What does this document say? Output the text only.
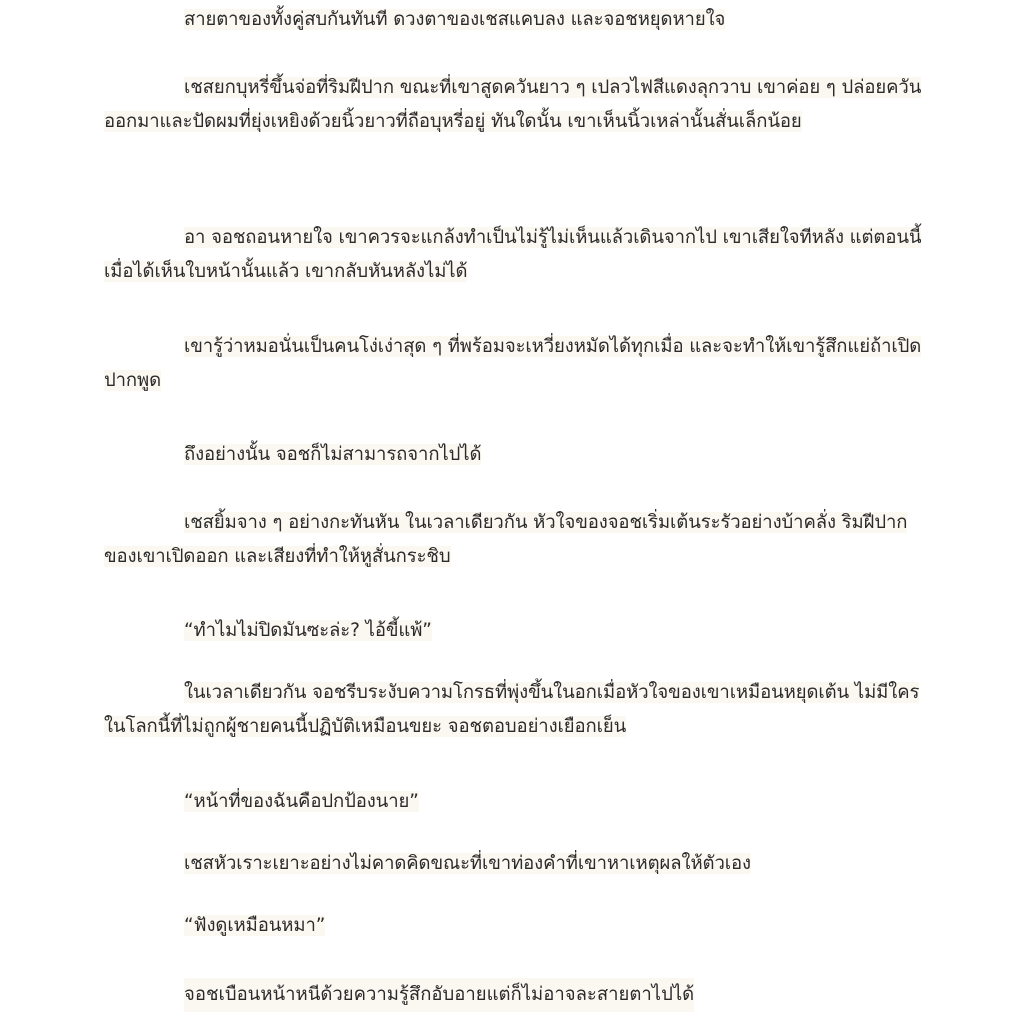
สายตาของทั้งคู่สบกันทันที ดวงตาของเชสแคบลง และจอชหยุดหายใจ

เชสยกบุหรี่ขึ้นจ่อที่ริมฝีปาก ขณะที่เขาสูดควันยาว ๆ เปลวไฟสีแดงลุกวาบ เขาค่อย ๆ ปล่อยควันออกมาและปัดผมที่ยุ่งเหยิงด้วยนิ้วยาวที่ถือบุหรี่อยู่ ทันใดนั้น เขาเห็นนิ้วเหล่านั้นสั่นเล็กน้อย

อา จอชถอนหายใจ เขาควรจะแกล้งทำเป็นไม่รู้ไม่เห็นแล้วเดินจากไป เขาเสียใจทีหลัง แต่ตอนนี้เมื่อได้เห็นใบหน้านั้นแล้ว เขากลับหันหลังไม่ได้

เขารู้ว่าหมอนั่นเป็นคนโง่เง่าสุด ๆ ที่พร้อมจะเหวี่ยงหมัดได้ทุกเมื่อ และจะทำให้เขารู้สึกแย่ถ้าเปิดปากพูด

ถึงอย่างนั้น จอชก็ไม่สามารถจากไปได้

เชสยิ้มจาง ๆ อย่างกะทันหัน ในเวลาเดียวกัน หัวใจของจอชเริ่มเต้นระรัวอย่างบ้าคลั่ง ริมฝีปากของเขาเปิดออก และเสียงที่ทำให้หูสั่นกระชิบ

“ทำไมไม่ปิดมันซะล่ะ? ไอ้ขี้แพ้”

ในเวลาเดียวกัน จอชรีบระงับความโกรธที่พุ่งขึ้นในอกเมื่อหัวใจของเขาเหมือนหยุดเต้น ไม่มีใครในโลกนี้ที่ไม่ถูกผู้ชายคนนี้ปฏิบัติเหมือนขยะ จอชตอบอย่างเยือกเย็น

“หน้าที่ของฉันคือปกป้องนาย”

เชสหัวเราะเยาะอย่างไม่คาดคิดขณะที่เขาท่องคำที่เขาหาเหตุผลให้ตัวเอง

“ฟังดูเหมือนหมา”

จอชเบือนหน้าหนีด้วยความรู้สึกอับอายแต่ก็ไม่อาจละสายตาไปได้
